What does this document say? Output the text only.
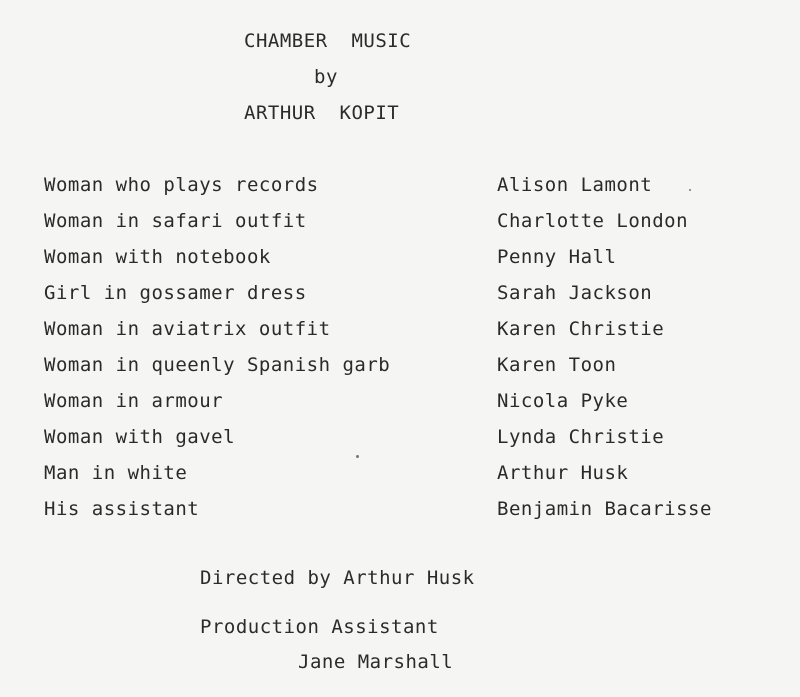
CHAMBER  MUSIC
by
ARTHUR  KOPIT
Woman who plays records	Alison Lamont
Woman in safari outfit	Charlotte London
Woman with notebook	Penny Hall
Girl in gossamer dress	Sarah Jackson
Woman in aviatrix outfit	Karen Christie
Woman in queenly Spanish garb	Karen Toon
Woman in armour	Nicola Pyke
Woman with gavel	Lynda Christie
Man in white	Arthur Husk
His assistant	Benjamin Bacarisse
Directed by Arthur Husk
Production Assistant
Jane Marshall
